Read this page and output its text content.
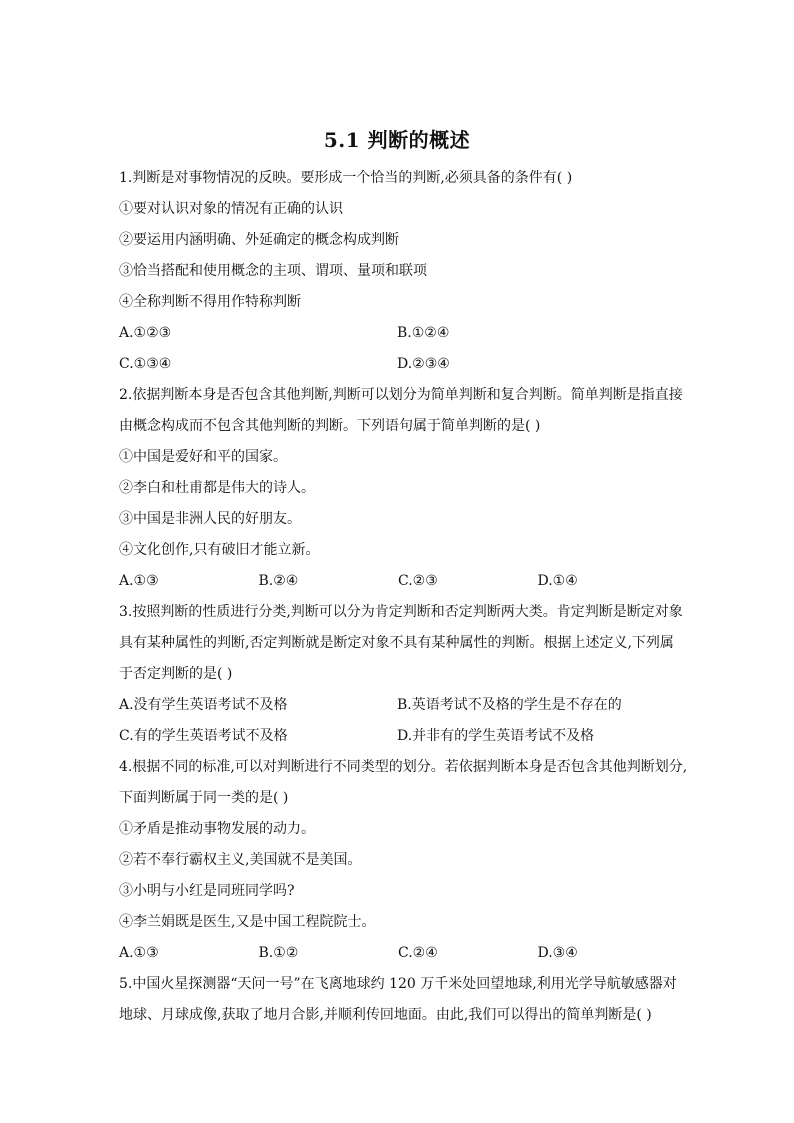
5.1 判断的概述
1.判断是对事物情况的反映。要形成一个恰当的判断,必须具备的条件有( )
①要对认识对象的情况有正确的认识
②要运用内涵明确、外延确定的概念构成判断
③恰当搭配和使用概念的主项、谓项、量项和联项
④全称判断不得用作特称判断
A.①②③	B.①②④
C.①③④	D.②③④
2.依据判断本身是否包含其他判断,判断可以划分为简单判断和复合判断。简单判断是指直接
由概念构成而不包含其他判断的判断。下列语句属于简单判断的是( )
①中国是爱好和平的国家。
②李白和杜甫都是伟大的诗人。
③中国是非洲人民的好朋友。
④文化创作,只有破旧才能立新。
A.①③	B.②④	C.②③	D.①④
3.按照判断的性质进行分类,判断可以分为肯定判断和否定判断两大类。肯定判断是断定对象
具有某种属性的判断,否定判断就是断定对象不具有某种属性的判断。根据上述定义,下列属
于否定判断的是( )
A.没有学生英语考试不及格	B.英语考试不及格的学生是不存在的
C.有的学生英语考试不及格	D.并非有的学生英语考试不及格
4.根据不同的标准,可以对判断进行不同类型的划分。若依据判断本身是否包含其他判断划分,
下面判断属于同一类的是( )
①矛盾是推动事物发展的动力。
②若不奉行霸权主义,美国就不是美国。
③小明与小红是同班同学吗?
④李兰娟既是医生,又是中国工程院院士。
A.①③	B.①②	C.②④	D.③④
5.中国火星探测器“天问一号”在飞离地球约 120 万千米处回望地球,利用光学导航敏感器对
地球、月球成像,获取了地月合影,并顺利传回地面。由此,我们可以得出的简单判断是( )
